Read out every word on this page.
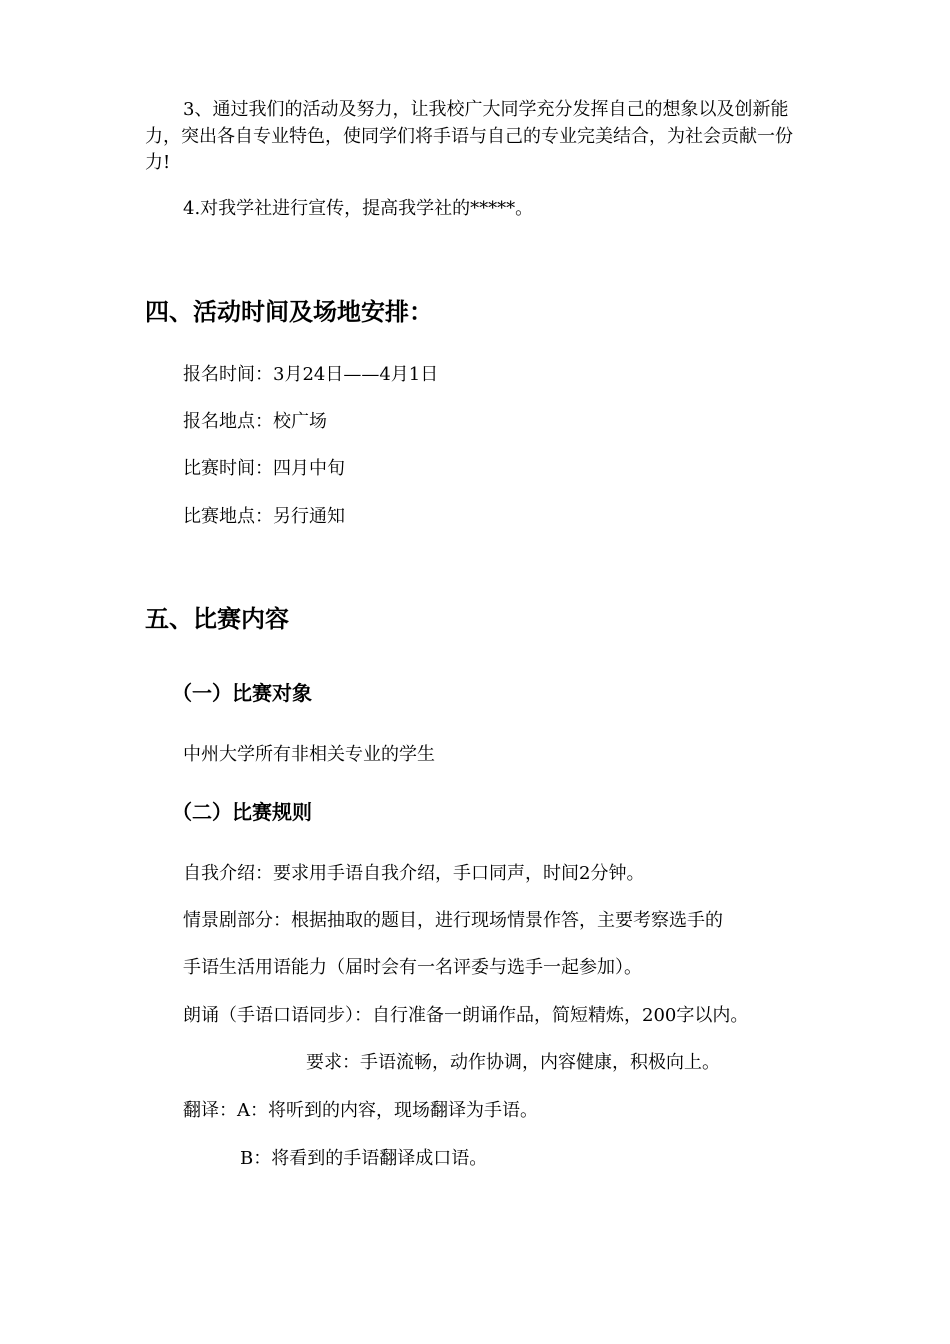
3、通过我们的活动及努力，让我校广大同学充分发挥自己的想象以及创新能力，突出各自专业特色，使同学们将手语与自己的专业完美结合，为社会贡献一份力!

4.对我学社进行宣传，提高我学社的*****。

四、活动时间及场地安排：

报名时间：3月24日——4月1日

报名地点：校广场

比赛时间：四月中旬

比赛地点：另行通知

五、比赛内容
（一）比赛对象

中州大学所有非相关专业的学生

（二）比赛规则

自我介绍：要求用手语自我介绍，手口同声，时间2分钟。

情景剧部分：根据抽取的题目，进行现场情景作答，主要考察选手的

手语生活用语能力（届时会有一名评委与选手一起参加）。

朗诵（手语口语同步）：自行准备一朗诵作品，简短精炼，200字以内。

要求：手语流畅，动作协调，内容健康，积极向上。

翻译：A：将听到的内容，现场翻译为手语。

B：将看到的手语翻译成口语。
